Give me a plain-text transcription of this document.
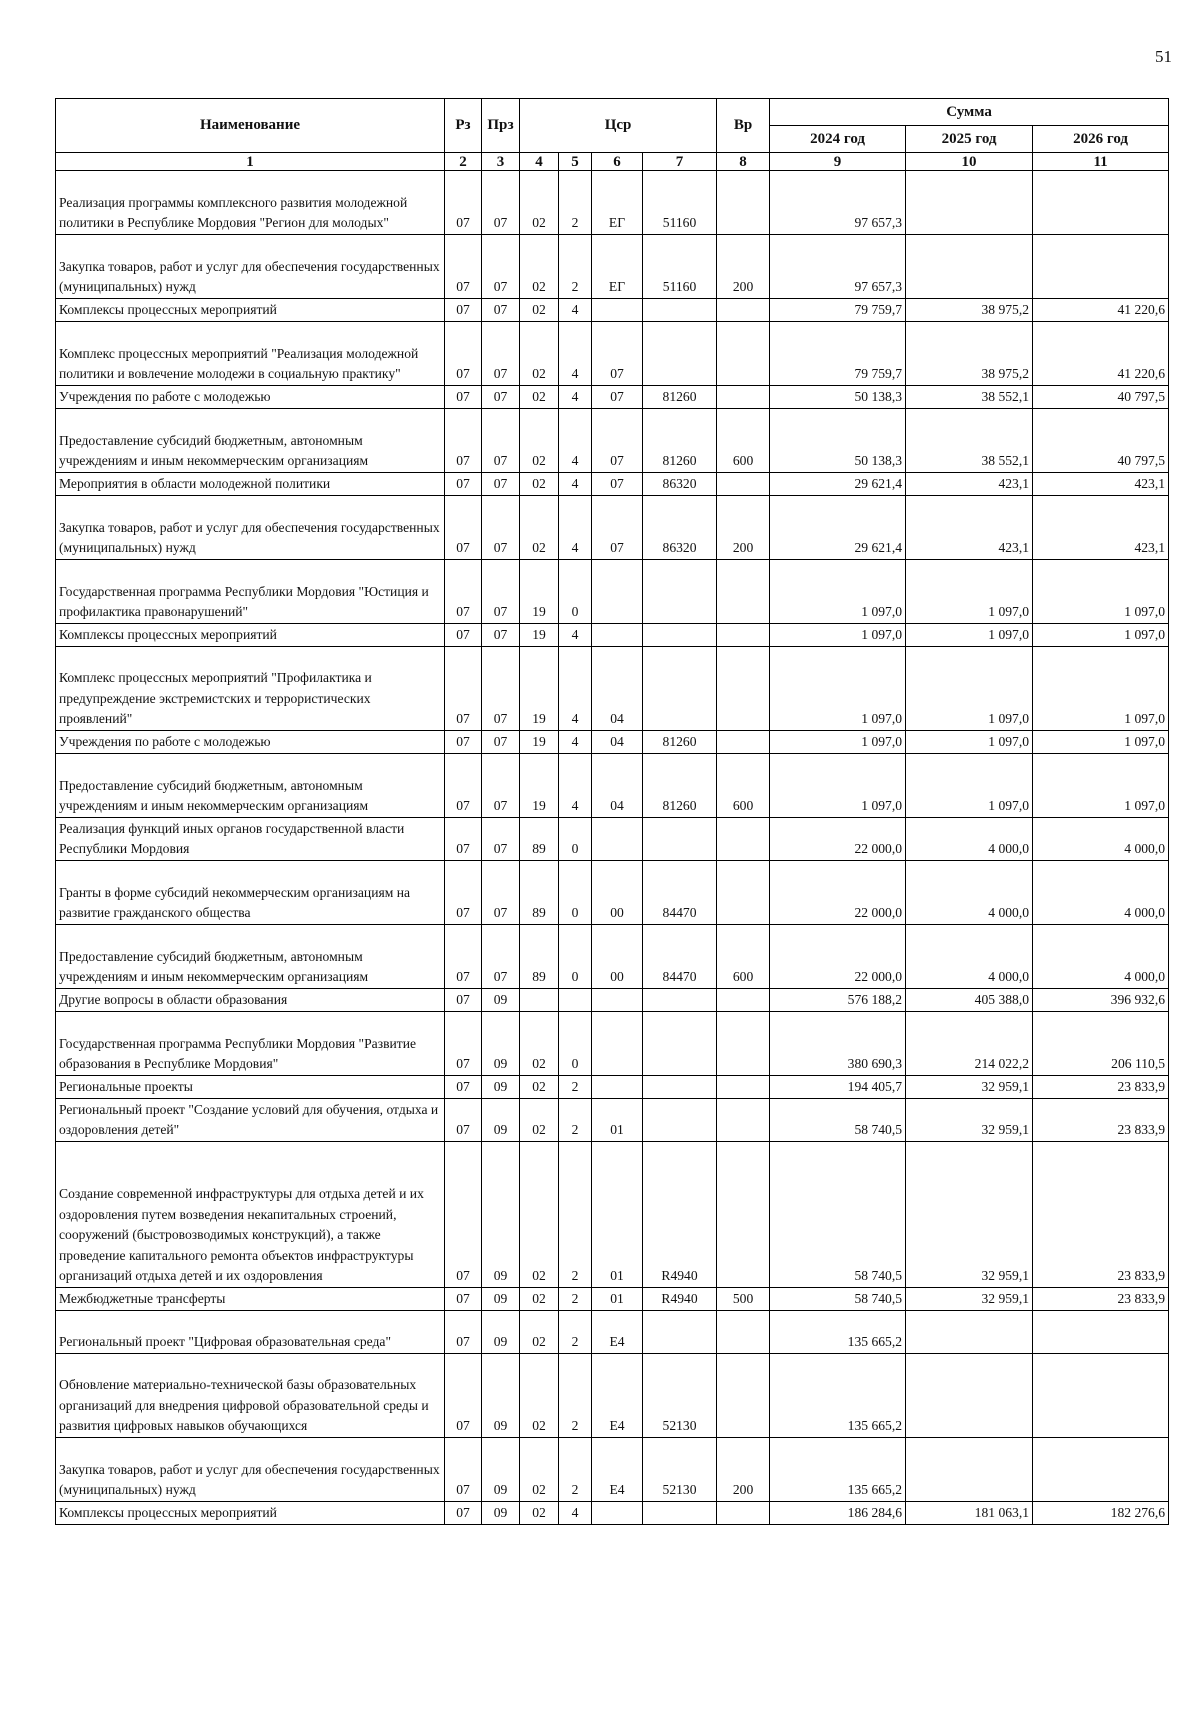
51
Наименование	Рз	Прз	Цср				Вр	Сумма		
								2024 год	2025 год	2026 год
1	2	3	4	5	6	7	8	9	10	11
Реализация программы комплексного развития молодежной политики в Республике Мордовия "Регион для молодых"	07	07	02	2	ЕГ	51160		97 657,3		
Закупка товаров, работ и услуг для обеспечения государственных (муниципальных) нужд	07	07	02	2	ЕГ	51160	200	97 657,3		
Комплексы процессных мероприятий	07	07	02	4				79 759,7	38 975,2	41 220,6
Комплекс процессных мероприятий "Реализация молодежной политики и вовлечение молодежи в социальную практику"	07	07	02	4	07			79 759,7	38 975,2	41 220,6
Учреждения по работе с молодежью	07	07	02	4	07	81260		50 138,3	38 552,1	40 797,5
Предоставление субсидий бюджетным, автономным учреждениям и иным некоммерческим организациям	07	07	02	4	07	81260	600	50 138,3	38 552,1	40 797,5
Мероприятия в области молодежной политики	07	07	02	4	07	86320		29 621,4	423,1	423,1
Закупка товаров, работ и услуг для обеспечения государственных (муниципальных) нужд	07	07	02	4	07	86320	200	29 621,4	423,1	423,1
Государственная программа Республики Мордовия "Юстиция и профилактика правонарушений"	07	07	19	0				1 097,0	1 097,0	1 097,0
Комплексы процессных мероприятий	07	07	19	4				1 097,0	1 097,0	1 097,0
Комплекс процессных мероприятий "Профилактика и предупреждение экстремистских и террористических проявлений"	07	07	19	4	04			1 097,0	1 097,0	1 097,0
Учреждения по работе с молодежью	07	07	19	4	04	81260		1 097,0	1 097,0	1 097,0
Предоставление субсидий бюджетным, автономным учреждениям и иным некоммерческим организациям	07	07	19	4	04	81260	600	1 097,0	1 097,0	1 097,0
Реализация функций иных органов государственной власти Республики Мордовия	07	07	89	0				22 000,0	4 000,0	4 000,0
Гранты в форме субсидий некоммерческим организациям на развитие гражданского общества	07	07	89	0	00	84470		22 000,0	4 000,0	4 000,0
Предоставление субсидий бюджетным, автономным учреждениям и иным некоммерческим организациям	07	07	89	0	00	84470	600	22 000,0	4 000,0	4 000,0
Другие вопросы в области образования	07	09						576 188,2	405 388,0	396 932,6
Государственная программа Республики Мордовия "Развитие образования в Республике Мордовия"	07	09	02	0				380 690,3	214 022,2	206 110,5
Региональные проекты	07	09	02	2				194 405,7	32 959,1	23 833,9
Региональный проект "Создание условий для обучения, отдыха и оздоровления детей"	07	09	02	2	01			58 740,5	32 959,1	23 833,9
Создание современной инфраструктуры для отдыха детей и их оздоровления путем возведения некапитальных строений, сооружений (быстровозводимых конструкций), а также проведение капитального ремонта объектов инфраструктуры организаций отдыха детей и их оздоровления	07	09	02	2	01	R4940		58 740,5	32 959,1	23 833,9
Межбюджетные трансферты	07	09	02	2	01	R4940	500	58 740,5	32 959,1	23 833,9
Региональный проект "Цифровая образовательная среда"	07	09	02	2	Е4			135 665,2		
Обновление материально-технической базы образовательных организаций для внедрения цифровой образовательной среды и развития цифровых навыков обучающихся	07	09	02	2	Е4	52130		135 665,2		
Закупка товаров, работ и услуг для обеспечения государственных (муниципальных) нужд	07	09	02	2	Е4	52130	200	135 665,2		
Комплексы процессных мероприятий	07	09	02	4				186 284,6	181 063,1	182 276,6
